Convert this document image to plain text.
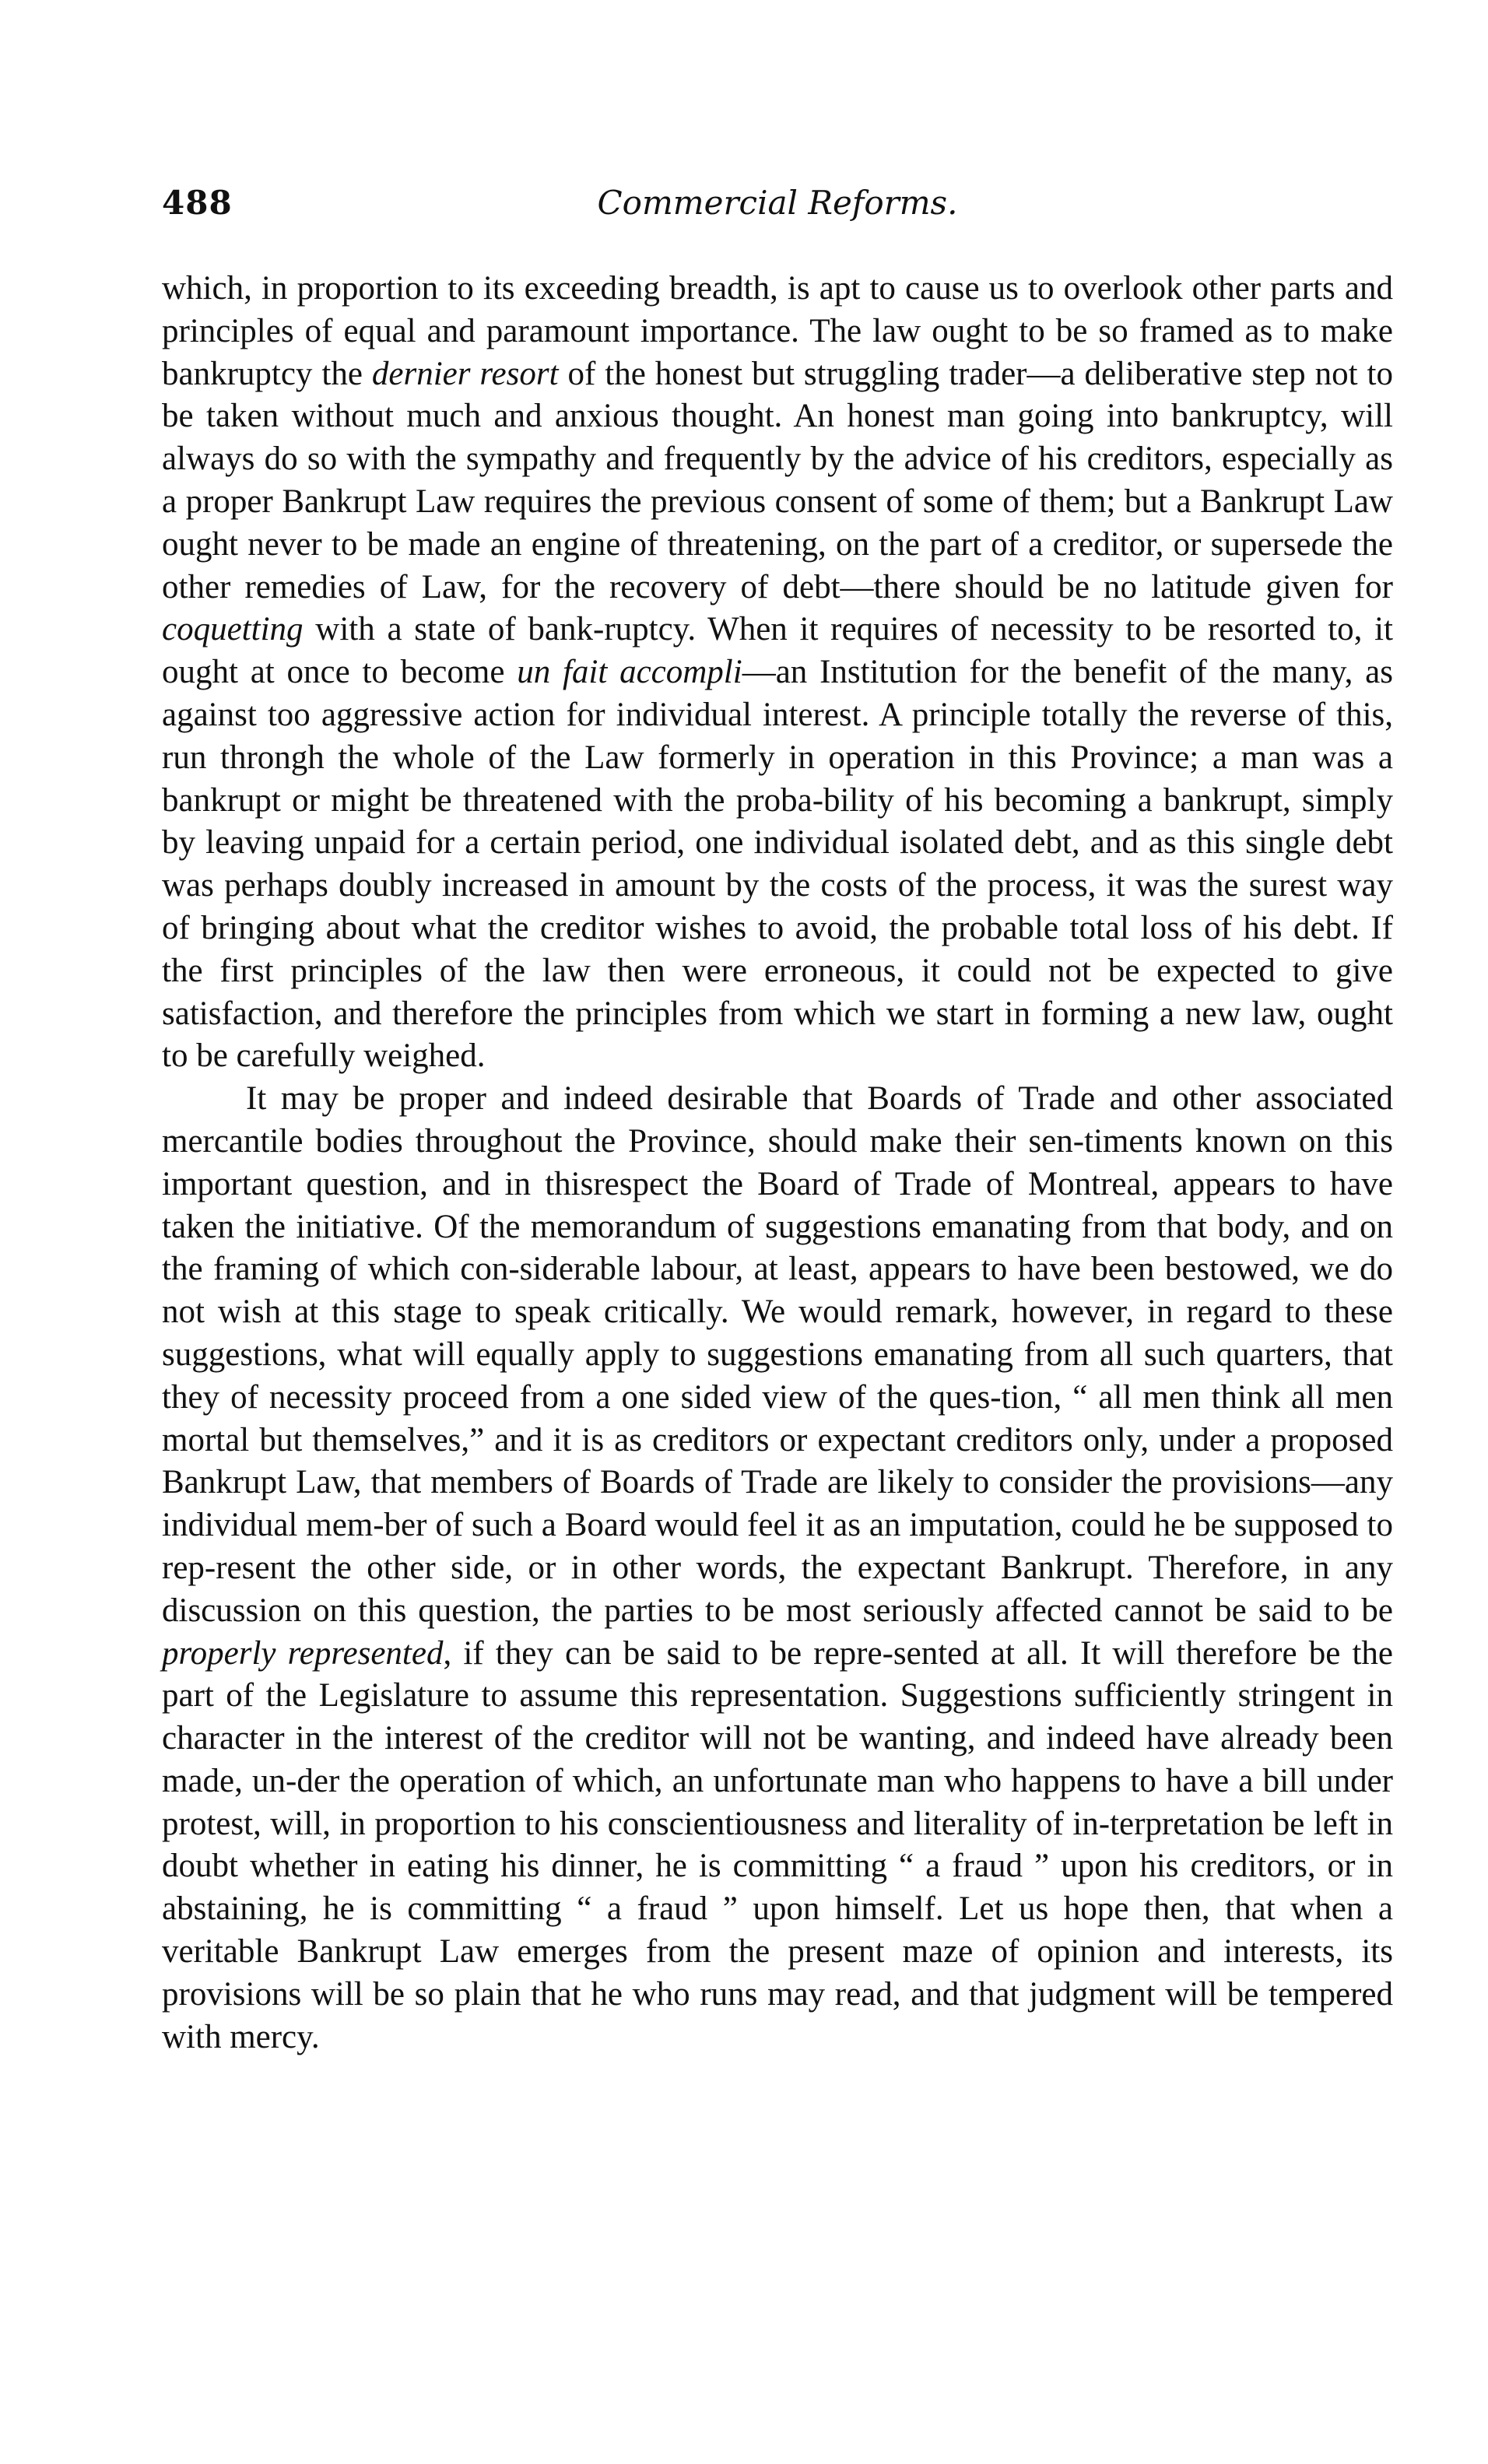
488	Commercial Reforms.

which, in proportion to its exceeding breadth, is apt to cause us to overlook other parts and principles of equal and paramount importance. The law ought to be so framed as to make bankruptcy the dernier resort of the honest but struggling trader—a deliberative step not to be taken without much and anxious thought. An honest man going into bankruptcy, will always do so with the sympathy and frequently by the advice of his creditors, especially as a proper Bankrupt Law requires the previous consent of some of them; but a Bankrupt Law ought never to be made an engine of threatening, on the part of a creditor, or supersede the other remedies of Law, for the recovery of debt—there should be no latitude given for coquetting with a state of bank-ruptcy. When it requires of necessity to be resorted to, it ought at once to become un fait accompli—an Institution for the benefit of the many, as against too aggressive action for individual interest. A principle totally the reverse of this, run throngh the whole of the Law formerly in operation in this Province; a man was a bankrupt or might be threatened with the proba-bility of his becoming a bankrupt, simply by leaving unpaid for a certain period, one individual isolated debt, and as this single debt was perhaps doubly increased in amount by the costs of the process, it was the surest way of bringing about what the creditor wishes to avoid, the probable total loss of his debt. If the first principles of the law then were erroneous, it could not be expected to give satisfaction, and therefore the principles from which we start in forming a new law, ought to be carefully weighed.

It may be proper and indeed desirable that Boards of Trade and other associated mercantile bodies throughout the Province, should make their sen-timents known on this important question, and in thisrespect the Board of Trade of Montreal, appears to have taken the initiative. Of the memorandum of suggestions emanating from that body, and on the framing of which con-siderable labour, at least, appears to have been bestowed, we do not wish at this stage to speak critically. We would remark, however, in regard to these suggestions, what will equally apply to suggestions emanating from all such quarters, that they of necessity proceed from a one sided view of the ques-tion, “ all men think all men mortal but themselves,” and it is as creditors or expectant creditors only, under a proposed Bankrupt Law, that members of Boards of Trade are likely to consider the provisions—any individual mem-ber of such a Board would feel it as an imputation, could he be supposed to rep-resent the other side, or in other words, the expectant Bankrupt. Therefore, in any discussion on this question, the parties to be most seriously affected cannot be said to be properly represented, if they can be said to be repre-sented at all. It will therefore be the part of the Legislature to assume this representation. Suggestions sufficiently stringent in character in the interest of the creditor will not be wanting, and indeed have already been made, un-der the operation of which, an unfortunate man who happens to have a bill under protest, will, in proportion to his conscientiousness and literality of in-terpretation be left in doubt whether in eating his dinner, he is committing “ a fraud ” upon his creditors, or in abstaining, he is committing “ a fraud ” upon himself. Let us hope then, that when a veritable Bankrupt Law emerges from the present maze of opinion and interests, its provisions will be so plain that he who runs may read, and that judgment will be tempered with mercy.
